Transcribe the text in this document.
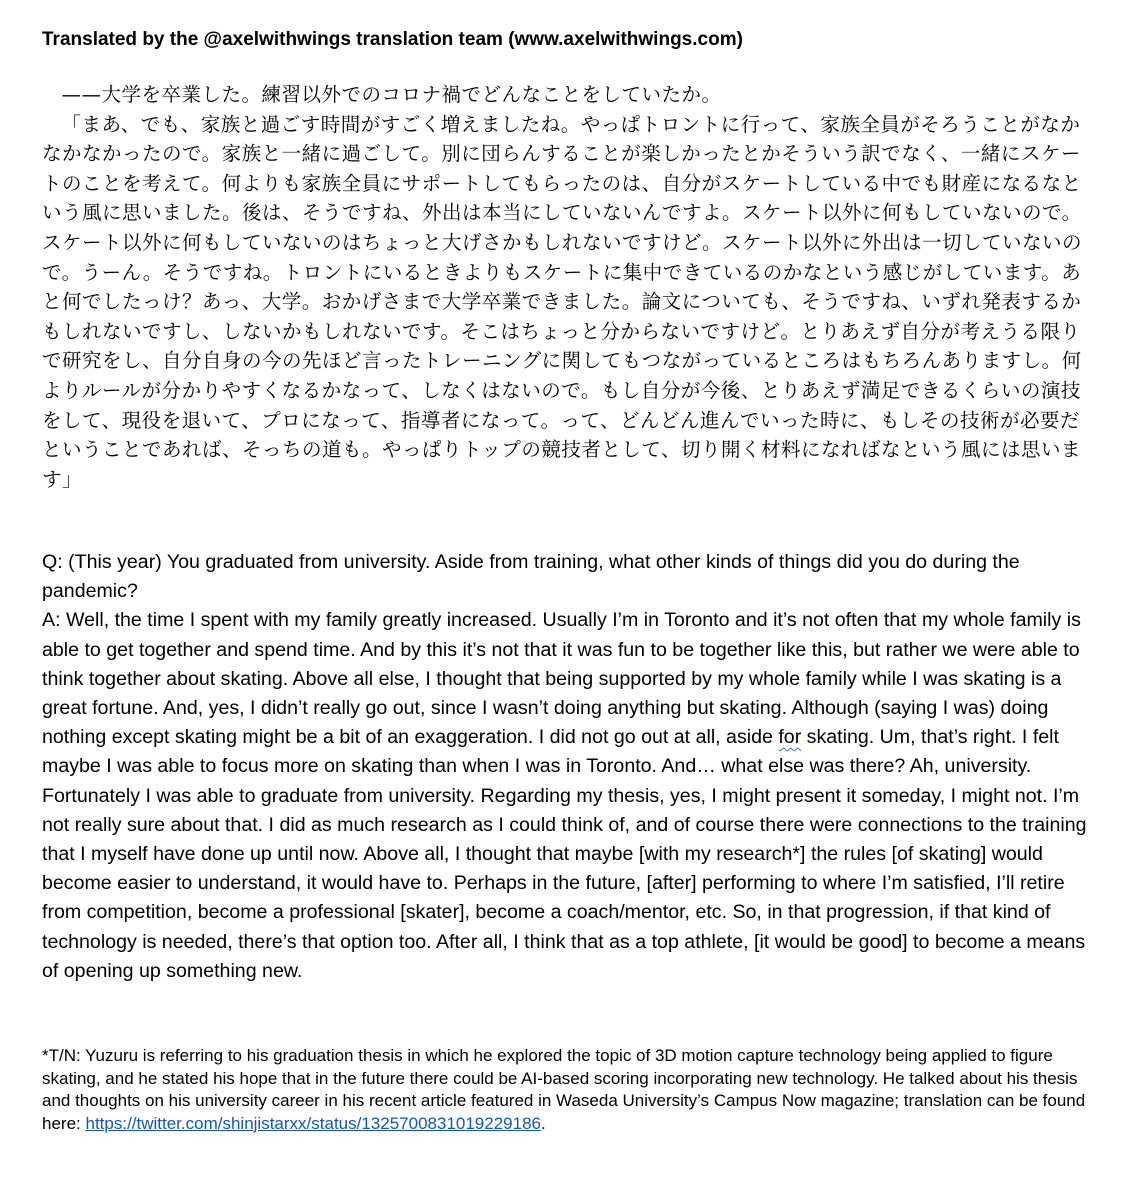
Translated by the @axelwithwings translation team (www.axelwithwings.com)

——大学を卒業した。練習以外でのコロナ禍でどんなことをしていたか。

「まあ、でも、家族と過ごす時間がすごく増えましたね。やっぱトロントに行って、家族全員がそろうことがなかなかなかったので。家族と一緒に過ごして。別に団らんすることが楽しかったとかそういう訳でなく、一緒にスケートのことを考えて。何よりも家族全員にサポートしてもらったのは、自分がスケートしている中でも財産になるなという風に思いました。後は、そうですね、外出は本当にしていないんですよ。スケート以外に何もしていないので。スケート以外に何もしていないのはちょっと大げさかもしれないですけど。スケート以外に外出は一切していないので。うーん。そうですね。トロントにいるときよりもスケートに集中できているのかなという感じがしています。あと何でしたっけ？あっ、大学。おかげさまで大学卒業できました。論文についても、そうですね、いずれ発表するかもしれないですし、しないかもしれないです。そこはちょっと分からないですけど。とりあえず自分が考えうる限りで研究をし、自分自身の今の先ほど言ったトレーニングに関してもつながっているところはもちろんありますし。何よりルールが分かりやすくなるかなって、しなくはないので。もし自分が今後、とりあえず満足できるくらいの演技をして、現役を退いて、プロになって、指導者になって。って、どんどん進んでいった時に、もしその技術が必要だということであれば、そっちの道も。やっぱりトップの競技者として、切り開く材料になればなという風には思います」

Q: (This year) You graduated from university. Aside from training, what other kinds of things did you do during the pandemic?

A: Well, the time I spent with my family greatly increased. Usually I’m in Toronto and it’s not often that my whole family is able to get together and spend time. And by this it’s not that it was fun to be together like this, but rather we were able to think together about skating. Above all else, I thought that being supported by my whole family while I was skating is a great fortune. And, yes, I didn’t really go out, since I wasn’t doing anything but skating. Although (saying I was) doing nothing except skating might be a bit of an exaggeration. I did not go out at all, aside for skating. Um, that’s right. I felt maybe I was able to focus more on skating than when I was in Toronto. And… what else was there? Ah, university. Fortunately I was able to graduate from university. Regarding my thesis, yes, I might present it someday, I might not. I’m not really sure about that. I did as much research as I could think of, and of course there were connections to the training that I myself have done up until now. Above all, I thought that maybe [with my research*] the rules [of skating] would become easier to understand, it would have to. Perhaps in the future, [after] performing to where I’m satisfied, I’ll retire from competition, become a professional [skater], become a coach/mentor, etc. So, in that progression, if that kind of technology is needed, there’s that option too. After all, I think that as a top athlete, [it would be good] to become a means of opening up something new.

*T/N: Yuzuru is referring to his graduation thesis in which he explored the topic of 3D motion capture technology being applied to figure skating, and he stated his hope that in the future there could be AI-based scoring incorporating new technology. He talked about his thesis and thoughts on his university career in his recent article featured in Waseda University’s Campus Now magazine; translation can be found here: https://twitter.com/shinjistarxx/status/1325700831019229186.
